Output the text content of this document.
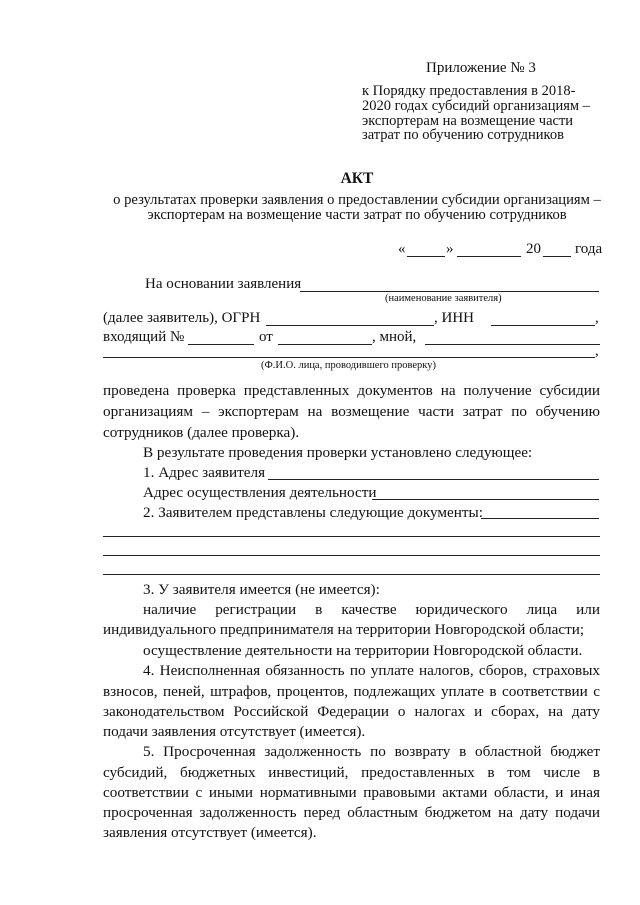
Приложение № 3
к Порядку предоставления в 2018-
2020 годах субсидий организациям –
экспортерам на возмещение части
затрат по обучению сотрудников
АКТ
о результатах проверки заявления о предоставлении субсидии организациям –
экспортерам на возмещение части затрат по обучению сотрудников
«	»	20 года
На основании заявления
(наименование заявителя)
(далее заявитель), ОГРН	, ИНН	,
входящий №	от	, мной,
,
(Ф.И.О. лица, проводившего проверку)
проведена проверка представленных документов на получение субсидии
организациям – экспортерам на возмещение части затрат по обучению
сотрудников (далее проверка).
В результате проведения проверки установлено следующее:
1. Адрес заявителя
Адрес осуществления деятельности
2. Заявителем представлены следующие документы:
3. У заявителя имеется (не имеется):
наличие регистрации в качестве юридического лица или
индивидуального предпринимателя на территории Новгородской области;
осуществление деятельности на территории Новгородской области.
4. Неисполненная обязанность по уплате налогов, сборов, страховых
взносов, пеней, штрафов, процентов, подлежащих уплате в соответствии с
законодательством Российской Федерации о налогах и сборах, на дату
подачи заявления отсутствует (имеется).
5. Просроченная задолженность по возврату в областной бюджет
субсидий, бюджетных инвестиций, предоставленных в том числе в
соответствии с иными нормативными правовыми актами области, и иная
просроченная задолженность перед областным бюджетом на дату подачи
заявления отсутствует (имеется).
